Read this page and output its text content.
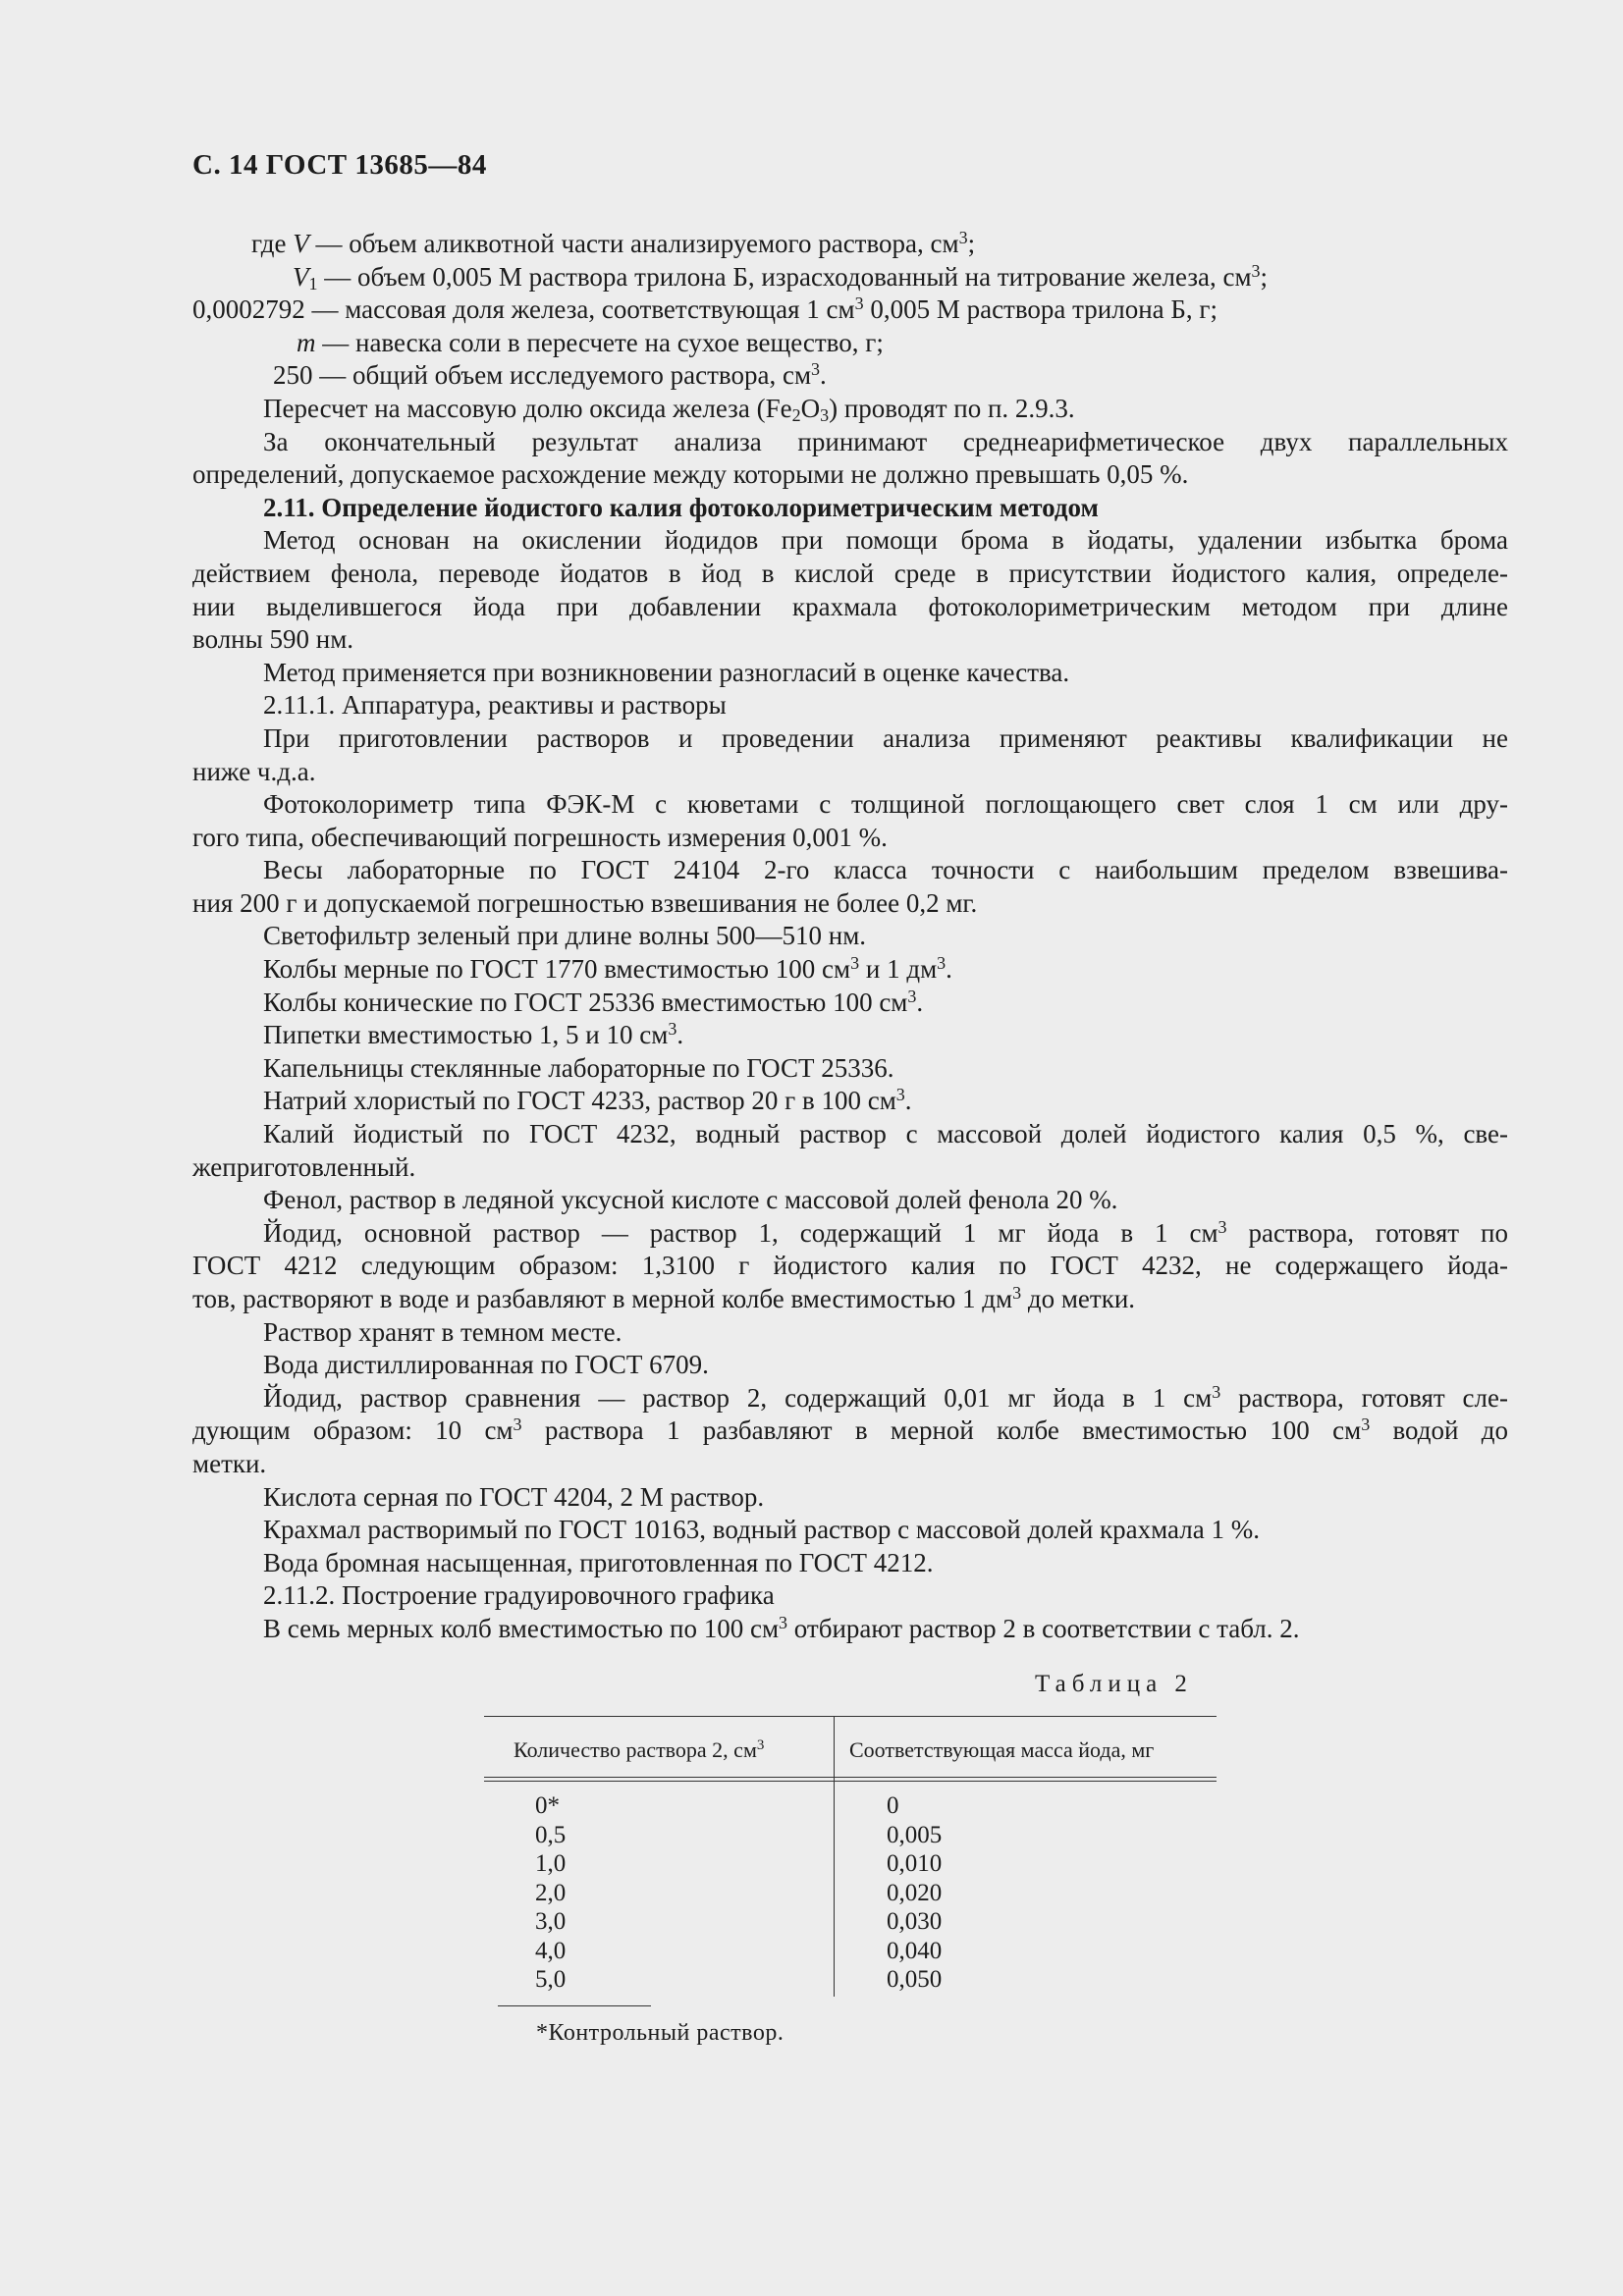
С. 14 ГОСТ 13685—84
где V — объем аликвотной части анализируемого раствора, $см^3$;
$V_1$ — объем 0,005 М раствора трилона Б, израсходованный на титрование железа, $см^3$;
0,0002792 — массовая доля железа, соответствующая 1 $см^3$ 0,005 М раствора трилона Б, г;
m — навеска соли в пересчете на сухое вещество, г;
250 — общий объем исследуемого раствора, $см^3$.
Пересчет на массовую долю оксида железа $(Fe_2O_3)$ проводят по п. 2.9.3.
За окончательный результат анализа принимают среднеарифметическое двух параллельных
определений, допускаемое расхождение между которыми не должно превышать 0,05 %.
2.11. Определение йодистого калия фотоколориметрическим методом
Метод основан на окислении йодидов при помощи брома в йодаты, удалении избытка брома
действием фенола, переводе йодатов в йод в кислой среде в присутствии йодистого калия, определе-
нии выделившегося йода при добавлении крахмала фотоколориметрическим методом при длине
волны 590 нм.
Метод применяется при возникновении разногласий в оценке качества.
2.11.1. Аппаратура, реактивы и растворы
При приготовлении растворов и проведении анализа применяют реактивы квалификации не
ниже ч.д.а.
Фотоколориметр типа ФЭК-М с кюветами с толщиной поглощающего свет слоя 1 см или дру-
гого типа, обеспечивающий погрешность измерения 0,001 %.
Весы лабораторные по ГОСТ 24104 2-го класса точности с наибольшим пределом взвешива-
ния 200 г и допускаемой погрешностью взвешивания не более 0,2 мг.
Светофильтр зеленый при длине волны 500—510 нм.
Колбы мерные по ГОСТ 1770 вместимостью 100 $см^3$ и 1 $дм^3$.
Колбы конические по ГОСТ 25336 вместимостью 100 $см^3$.
Пипетки вместимостью 1, 5 и 10 $см^3$.
Капельницы стеклянные лабораторные по ГОСТ 25336.
Натрий хлористый по ГОСТ 4233, раствор 20 г в 100 $см^3$.
Калий йодистый по ГОСТ 4232, водный раствор с массовой долей йодистого калия 0,5 %, све-
жеприготовленный.
Фенол, раствор в ледяной уксусной кислоте с массовой долей фенола 20 %.
Йодид, основной раствор — раствор 1, содержащий 1 мг йода в 1 $см^3$ раствора, готовят по
ГОСТ 4212 следующим образом: 1,3100 г йодистого калия по ГОСТ 4232, не содержащего йода-
тов, растворяют в воде и разбавляют в мерной колбе вместимостью 1 $дм^3$ до метки.
Раствор хранят в темном месте.
Вода дистиллированная по ГОСТ 6709.
Йодид, раствор сравнения — раствор 2, содержащий 0,01 мг йода в 1 $см^3$ раствора, готовят сле-
дующим образом: 10 $см^3$ раствора 1 разбавляют в мерной колбе вместимостью 100 $см^3$ водой до
метки.
Кислота серная по ГОСТ 4204, 2 М раствор.
Крахмал растворимый по ГОСТ 10163, водный раствор с массовой долей крахмала 1 %.
Вода бромная насыщенная, приготовленная по ГОСТ 4212.
2.11.2. Построение градуировочного графика
В семь мерных колб вместимостью по 100 $см^3$ отбирают раствор 2 в соответствии с табл. 2.
Таблица 2
Количество раствора 2, $см^3$	Соответствующая масса йода, мг
0*	0
0,5	0,005
1,0	0,010
2,0	0,020
3,0	0,030
4,0	0,040
5,0	0,050
*Контрольный раствор.
